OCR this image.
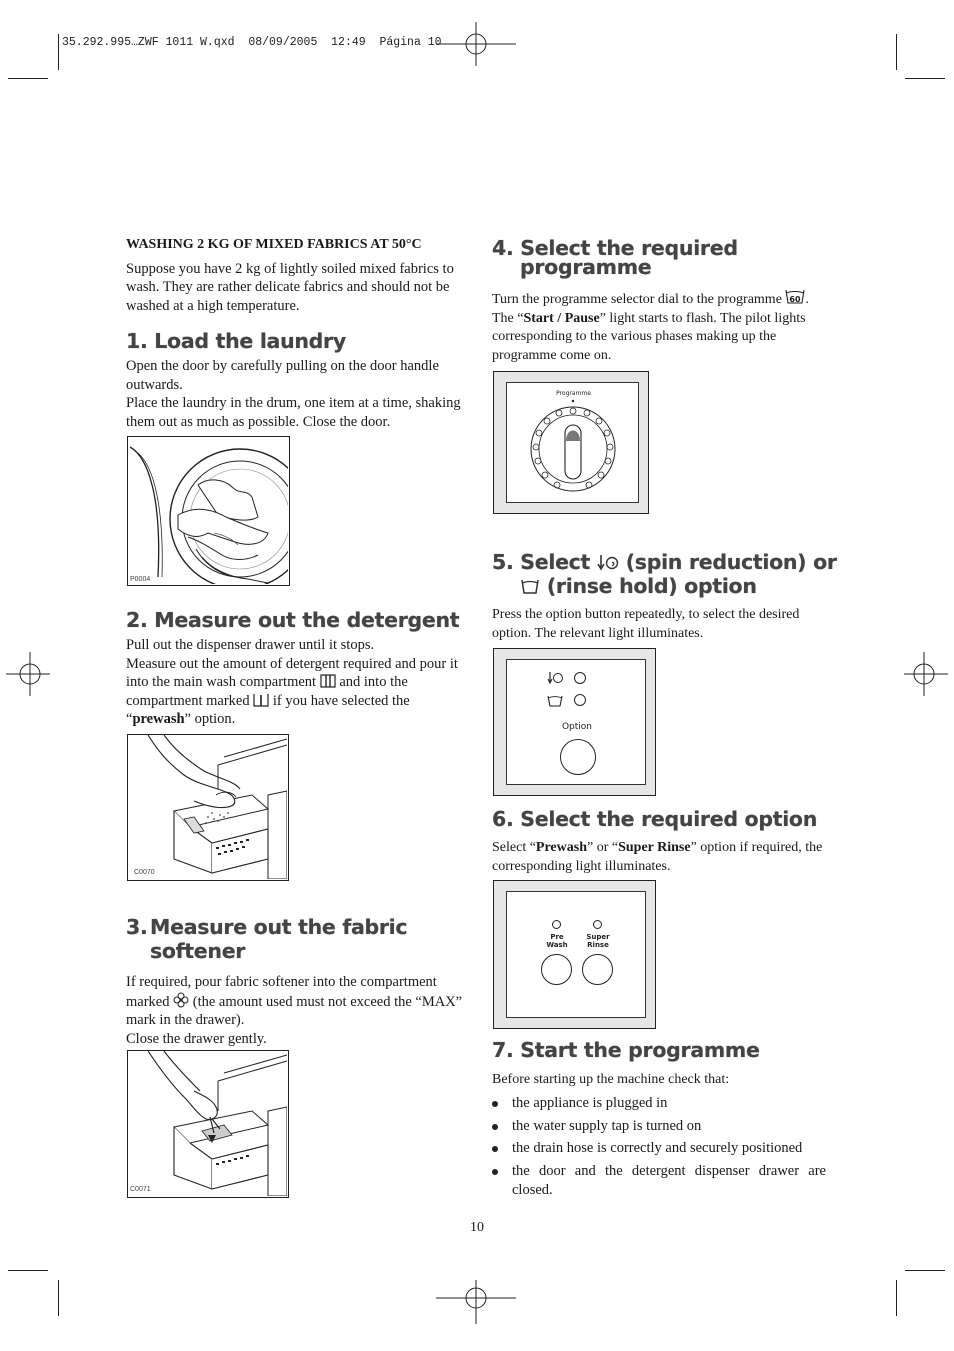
35.292.995…ZWF 1011 W.qxd  08/09/2005  12:49  Página 10

WASHING 2 KG OF MIXED FABRICS AT 50°C

Suppose you have 2 kg of lightly soiled mixed fabrics to wash. They are rather delicate fabrics and should not be washed at a high temperature.

1. Load the laundry

Open the door by carefully pulling on the door handle outwards.

Place the laundry in the drum, one item at a time, shaking them out as much as possible. Close the door.

P0004
2. Measure out the detergent

Pull out the dispenser drawer until it stops.

Measure out the amount of detergent required and pour it into the main wash compartment and into the compartment marked if you have selected the “prewash” option.

C0070
3. Measure out the fabric
softener

If required, pour fabric softener into the compartment marked (the amount used must not exceed the “MAX” mark in the drawer).

Close the drawer gently.

C0071
4. Select the required
programme

Turn the programme selector dial to the programme 60 . The “Start / Pause” light starts to flash. The pilot lights corresponding to the various phases making up the programme come on.

Programme
5. Select (spin reduction) or
(rinse hold) option

Press the option button repeatedly, to select the desired option. The relevant light illuminates.

Option
6. Select the required option

Select “Prewash” or “Super Rinse” option if required, the corresponding light illuminates.

Pre
Wash
Super
Rinse
7. Start the programme

Before starting up the machine check that:

the appliance is plugged in
the water supply tap is turned on
the drain hose is correctly and securely positioned
the door and the detergent dispenser drawer are closed.
10
